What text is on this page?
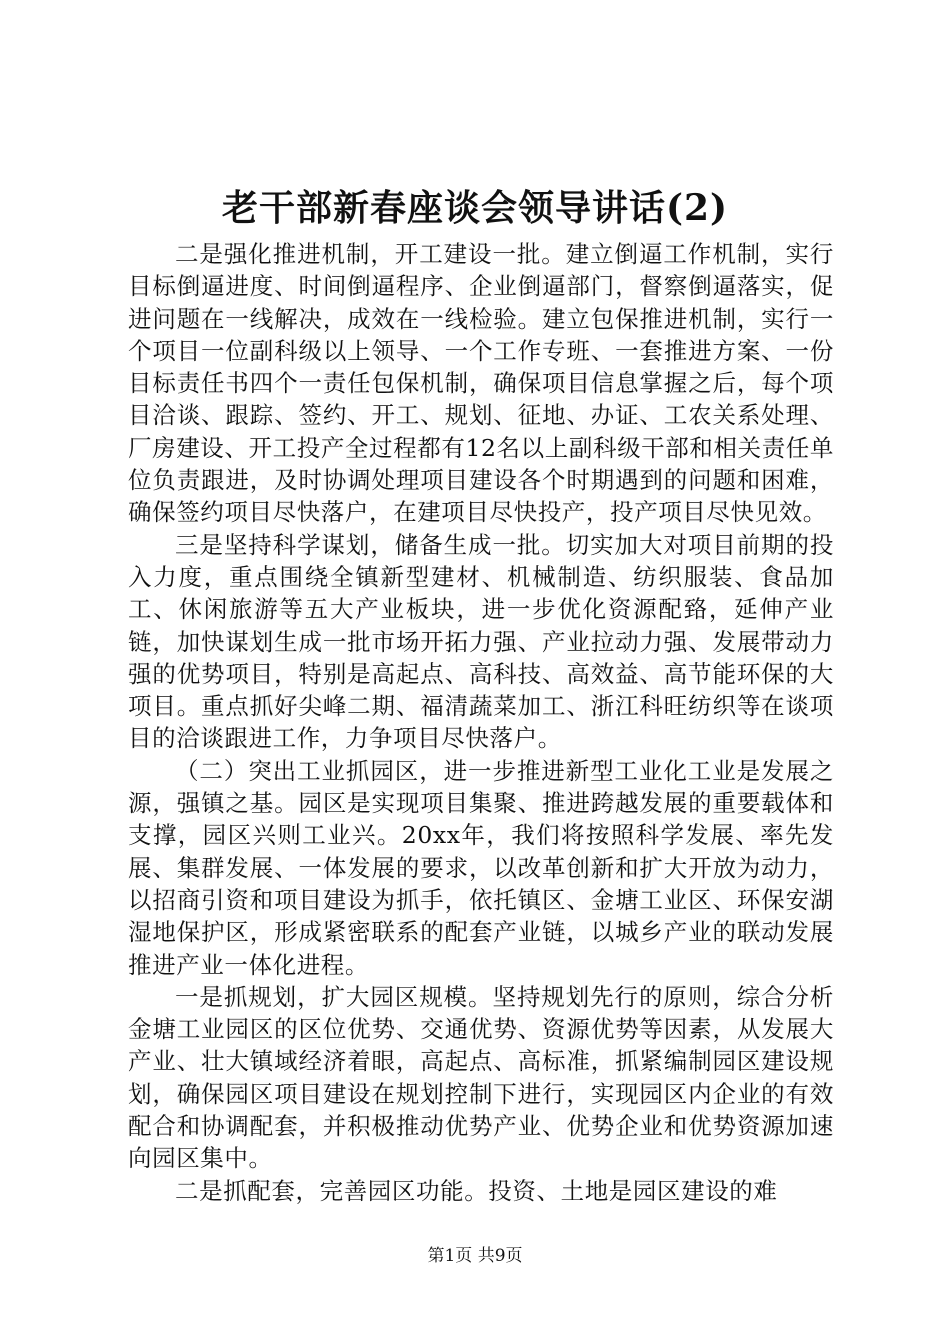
老干部新春座谈会领导讲话(2)

二是强化推进机制，开工建设一批。建立倒逼工作机制，实行目标倒逼进度、时间倒逼程序、企业倒逼部门，督察倒逼落实，促进问题在一线解决，成效在一线检验。建立包保推进机制，实行一个项目一位副科级以上领导、一个工作专班、一套推进方案、一份目标责任书四个一责任包保机制，确保项目信息掌握之后，每个项目洽谈、跟踪、签约、开工、规划、征地、办证、工农关系处理、厂房建设、开工投产全过程都有12名以上副科级干部和相关责任单位负责跟进，及时协调处理项目建设各个时期遇到的问题和困难，确保签约项目尽快落户，在建项目尽快投产，投产项目尽快见效。

三是坚持科学谋划，储备生成一批。切实加大对项目前期的投入力度，重点围绕全镇新型建材、机械制造、纺织服装、食品加工、休闲旅游等五大产业板块，进一步优化资源配臵，延伸产业链，加快谋划生成一批市场开拓力强、产业拉动力强、发展带动力强的优势项目，特别是高起点、高科技、高效益、高节能环保的大项目。重点抓好尖峰二期、福清蔬菜加工、浙江科旺纺织等在谈项目的洽谈跟进工作，力争项目尽快落户。

（二）突出工业抓园区，进一步推进新型工业化工业是发展之源，强镇之基。园区是实现项目集聚、推进跨越发展的重要载体和支撑，园区兴则工业兴。20xx年，我们将按照科学发展、率先发展、集群发展、一体发展的要求，以改革创新和扩大开放为动力，以招商引资和项目建设为抓手，依托镇区、金塘工业区、环保安湖湿地保护区，形成紧密联系的配套产业链，以城乡产业的联动发展推进产业一体化进程。

一是抓规划，扩大园区规模。坚持规划先行的原则，综合分析金塘工业园区的区位优势、交通优势、资源优势等因素，从发展大产业、壮大镇域经济着眼，高起点、高标准，抓紧编制园区建设规划，确保园区项目建设在规划控制下进行，实现园区内企业的有效配合和协调配套，并积极推动优势产业、优势企业和优势资源加速向园区集中。

二是抓配套，完善园区功能。投资、土地是园区建设的难

第1页 共9页
